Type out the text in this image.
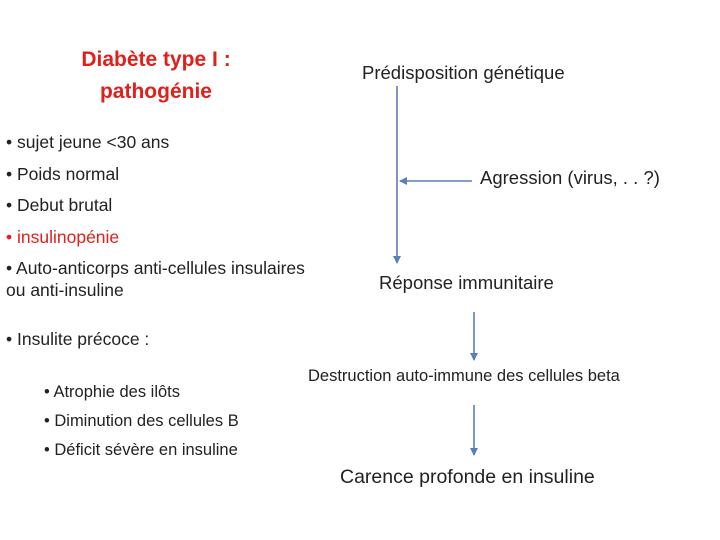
Diabète type I :
pathogénie
• sujet jeune <30 ans
• Poids normal
• Debut brutal
• insulinopénie
• Auto-anticorps anti-cellules insulaires ou anti-insuline
• Insulite précoce :
• Atrophie des ilôts
• Diminution des cellules B
• Déficit sévère en insuline
Prédisposition génétique
Agression (virus, . . ?)
Réponse immunitaire
Destruction auto-immune des cellules beta
Carence profonde en insuline
